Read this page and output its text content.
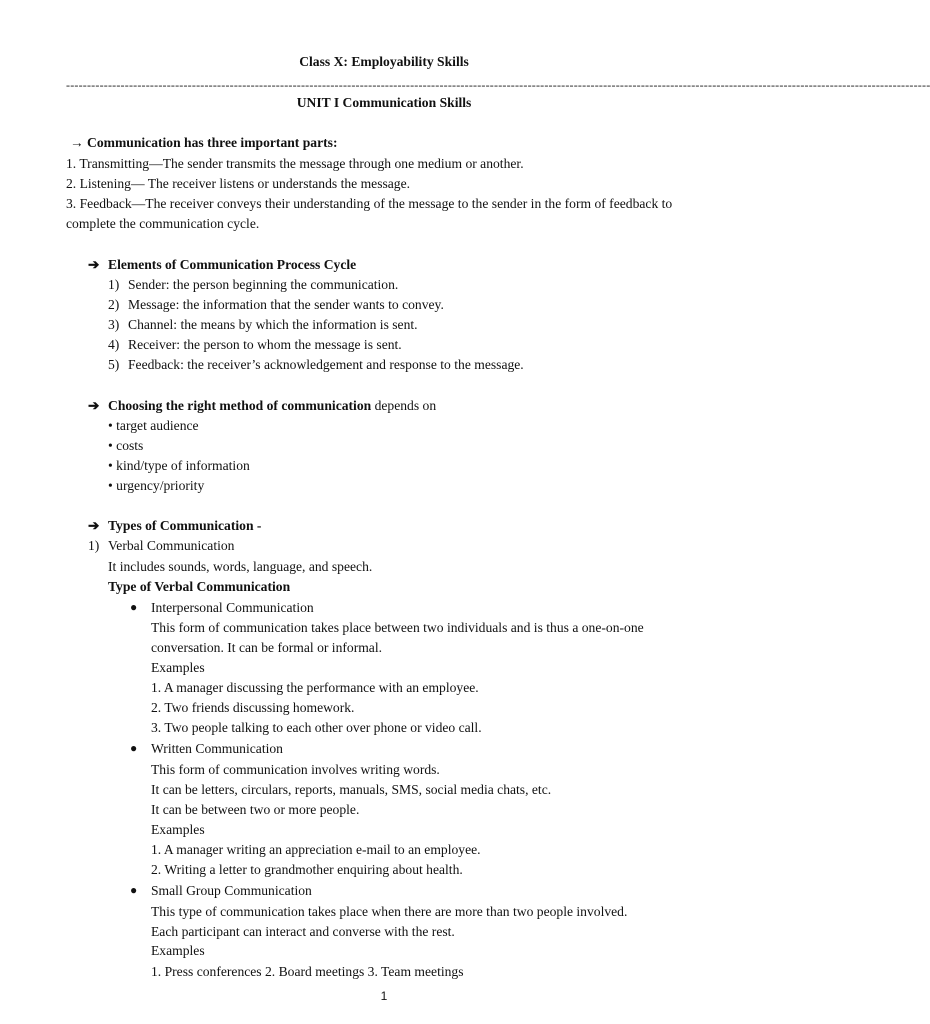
Class X: Employability Skills
--------------------------------------------------------------------------------------------------------------------------------------------------------------------------------------------------------------
UNIT I Communication Skills
→ Communication has three important parts:
1. Transmitting—The sender transmits the message through one medium or another.
2. Listening— The receiver listens or understands the message.
3. Feedback—The receiver conveys their understanding of the message to the sender in the form of feedback to
complete the communication cycle.
➔ Elements of Communication Process Cycle
1) Sender: the person beginning the communication.
2) Message: the information that the sender wants to convey.
3) Channel: the means by which the information is sent.
4) Receiver: the person to whom the message is sent.
5) Feedback: the receiver’s acknowledgement and response to the message.
➔ Choosing the right method of communication depends on
• target audience
• costs
• kind/type of information
• urgency/priority
➔ Types of Communication -
1) Verbal Communication
It includes sounds, words, language, and speech.
Type of Verbal Communication
● Interpersonal Communication
This form of communication takes place between two individuals and is thus a one-on-one
conversation. It can be formal or informal.
Examples
1. A manager discussing the performance with an employee.
2. Two friends discussing homework.
3. Two people talking to each other over phone or video call.
● Written Communication
This form of communication involves writing words.
It can be letters, circulars, reports, manuals, SMS, social media chats, etc.
It can be between two or more people.
Examples
1. A manager writing an appreciation e-mail to an employee.
2. Writing a letter to grandmother enquiring about health.
● Small Group Communication
This type of communication takes place when there are more than two people involved.
Each participant can interact and converse with the rest.
Examples
1. Press conferences 2. Board meetings 3. Team meetings
1
